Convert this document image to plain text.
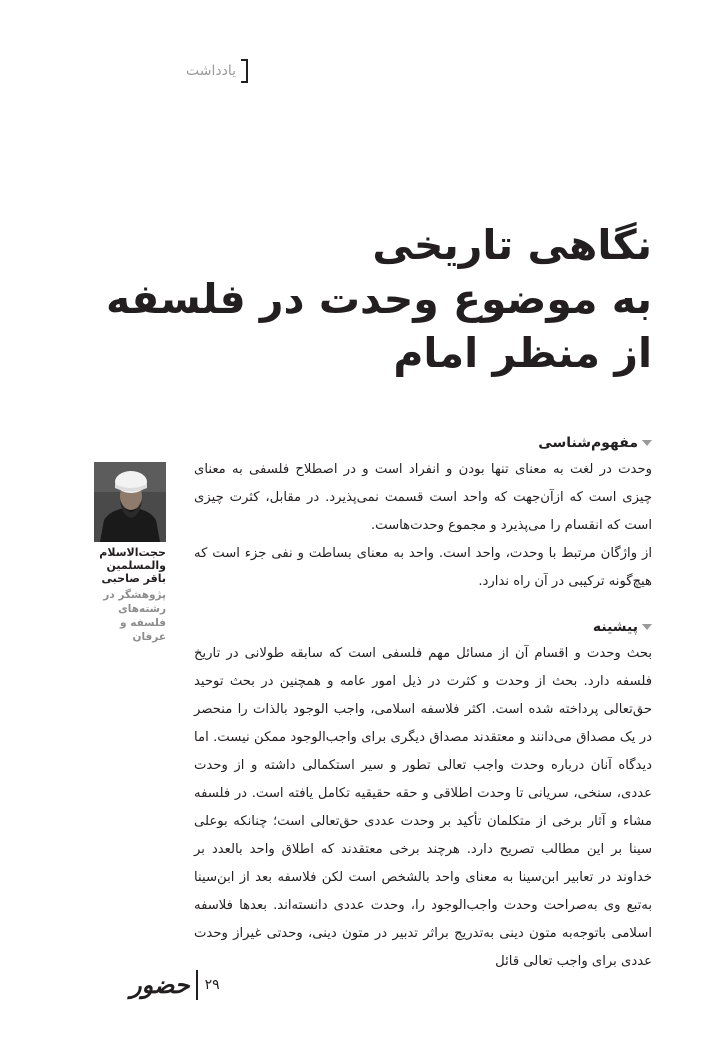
یادداشت
نگاهی تاریخی
به موضوع وحدت در فلسفه
از منظر امام
مفهوم‌شناسی

وحدت در لغت به معنای تنها بودن و انفراد است و در اصطلاح فلسفی به معنای چیزی است که ازآن‌جهت که واحد است قسمت نمی‌پذیرد. در مقابل، کثرت چیزی است که انقسام را می‌پذیرد و مجموع وحدت‌هاست.

از واژگان مرتبط با وحدت، واحد است. واحد به معنای بساطت و نفی جزء است که هیچ‌گونه ترکیبی در آن راه ندارد.

پیشینه

بحث وحدت و اقسام آن از مسائل مهم فلسفی است که سابقه طولانی در تاریخ فلسفه دارد. بحث از وحدت و کثرت در ذیل امور عامه و همچنین در بحث توحید حق‌تعالی پرداخته شده است. اکثر فلاسفه اسلامی، واجب الوجود بالذات را منحصر در یک مصداق می‌دانند و معتقدند مصداق دیگری برای واجب‌الوجود ممکن نیست. اما دیدگاه آنان درباره وحدت واجب تعالی تطور و سیر استکمالی داشته و از وحدت عددی، سنخی، سریانی تا وحدت اطلاقی و حقه حقیقیه تکامل یافته است. در فلسفه مشاء و آثار برخی از متکلمان تأکید بر وحدت عددی حق‌تعالی است؛ چنانکه بوعلی سینا بر این مطالب تصریح دارد. هرچند برخی معتقدند که اطلاق واحد بالعدد بر خداوند در تعابیر ابن‌سینا به معنای واحد بالشخص است لکن فلاسفه بعد از ابن‌سینا به‌تبع وی به‌صراحت وحدت واجب‌الوجود را، وحدت عددی دانسته‌اند. بعدها فلاسفه اسلامی باتوجه‌به متون دینی به‌تدریج براثر تدبیر در متون دینی، وحدتی غیراز وحدت عددی برای واجب تعالی قائل

حجت‌الاسلام والمسلمین باقر صاحبی
پژوهشگر در رشته‌های فلسفه و عرفان
حضور ۲۹
